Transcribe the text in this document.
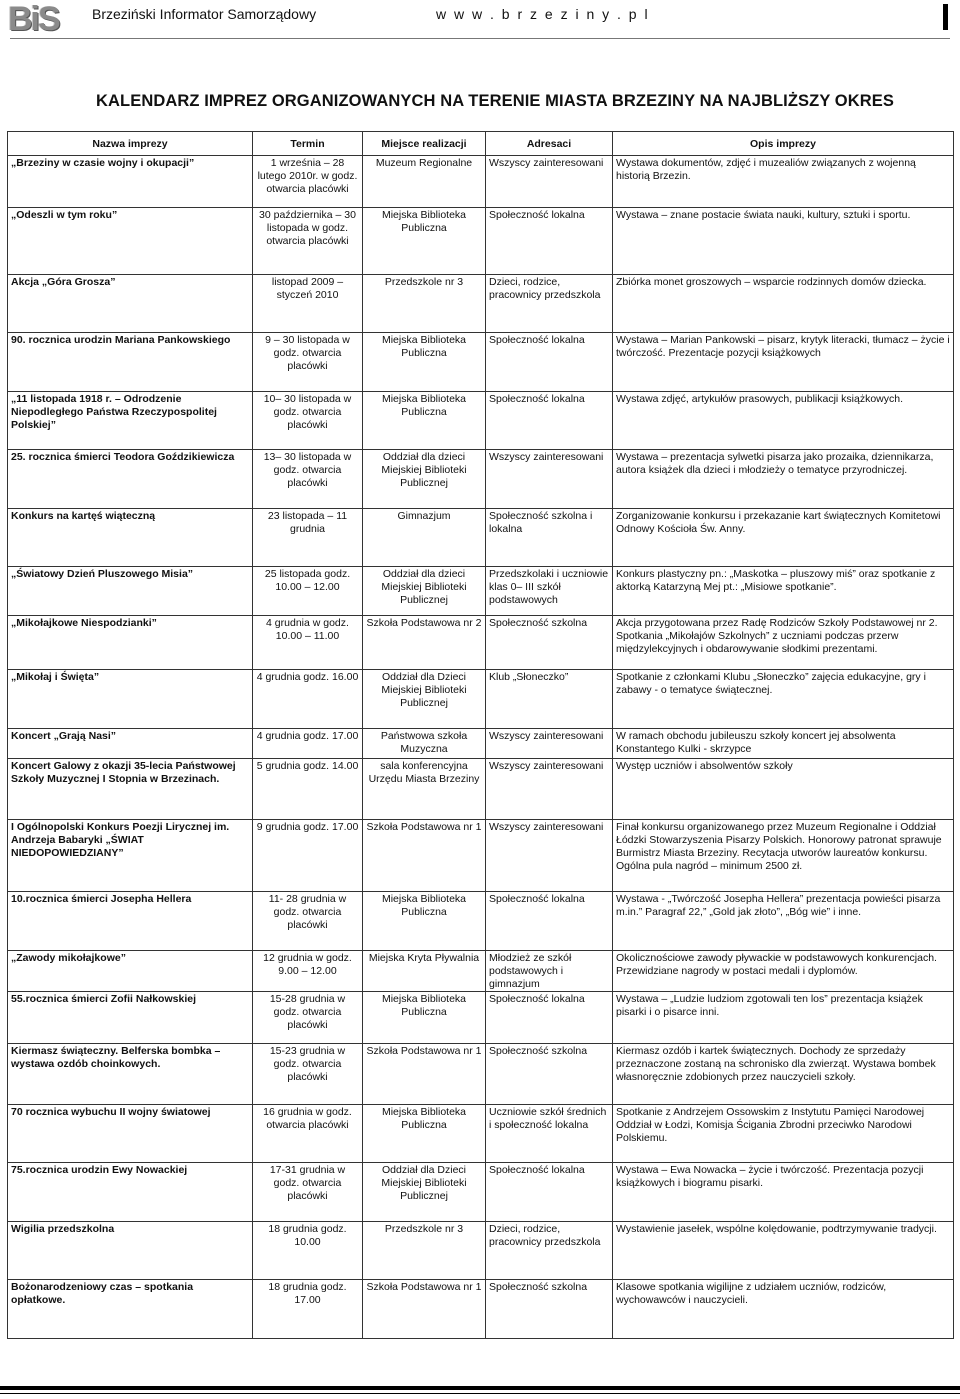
BiS	Brzeziński Informator Samorządowy	w w w . b r z e z i n y . p l
KALENDARZ IMPREZ ORGANIZOWANYCH NA TERENIE MIASTA BRZEZINY NA NAJBLIŻSZY OKRES
Nazwa imprezy	Termin	Miejsce realizacji	Adresaci	Opis imprezy
„Brzeziny w czasie wojny i okupacji”	1 września – 28 lutego 2010r. w godz. otwarcia placówki	Muzeum Regionalne	Wszyscy zainteresowani	Wystawa dokumentów, zdjęć i muzealiów związanych z wojenną historią Brzezin.
„Odeszli w tym roku”	30 października – 30 listopada w godz. otwarcia placówki	Miejska Biblioteka Publiczna	Społeczność lokalna	Wystawa – znane postacie świata nauki, kultury, sztuki i sportu.
Akcja „Góra Grosza”	listopad 2009 – styczeń 2010	Przedszkole nr 3	Dzieci, rodzice, pracownicy przedszkola	Zbiórka monet groszowych – wsparcie rodzinnych domów dziecka.
90. rocznica urodzin Mariana Pankowskiego	9 – 30 listopada w godz. otwarcia placówki	Miejska Biblioteka Publiczna	Społeczność lokalna	Wystawa – Marian Pankowski – pisarz, krytyk literacki, tłumacz – życie i twórczość. Prezentacje pozycji książkowych
„11 listopada 1918 r. – Odrodzenie Niepodległego Państwa Rzeczypospolitej Polskiej”	10– 30 listopada w godz. otwarcia placówki	Miejska Biblioteka Publiczna	Społeczność lokalna	Wystawa zdjęć, artykułów prasowych, publikacji książkowych.
25. rocznica śmierci Teodora Goździkiewicza	13– 30 listopada w godz. otwarcia placówki	Oddział dla dzieci Miejskiej Biblioteki Publicznej	Wszyscy zainteresowani	Wystawa – prezentacja sylwetki pisarza jako prozaika, dziennikarza, autora książek dla dzieci i młodzieży o tematyce przyrodniczej.
Konkurs na kartęś wiąteczną	23 listopada – 11 grudnia	Gimnazjum	Społeczność szkolna i lokalna	Zorganizowanie konkursu i przekazanie kart świątecznych Komitetowi Odnowy Kościoła Św. Anny.
„Światowy Dzień Pluszowego Misia”	25 listopada godz. 10.00 – 12.00	Oddział dla dzieci Miejskiej Biblioteki Publicznej	Przedszkolaki i uczniowie klas 0– III szkół podstawowych	Konkurs plastyczny pn.: „Maskotka – pluszowy miś” oraz spotkanie z aktorką Katarzyną Mej pt.: „Misiowe spotkanie”.
„Mikołajkowe Niespodzianki”	4 grudnia w godz. 10.00 – 11.00	Szkoła Podstawowa nr 2	Społeczność szkolna	Akcja przygotowana przez Radę Rodziców Szkoły Podstawowej nr 2. Spotkania „Mikołajów Szkolnych” z uczniami podczas przerw międzylekcyjnych i obdarowywanie słodkimi prezentami.
„Mikołaj i Święta”	4 grudnia godz. 16.00	Oddział dla Dzieci Miejskiej Biblioteki Publicznej	Klub „Słoneczko”	Spotkanie z członkami Klubu „Słoneczko” zajęcia edukacyjne, gry i zabawy - o tematyce świątecznej.
Koncert „Grają Nasi”	4 grudnia godz. 17.00	Państwowa szkoła Muzyczna	Wszyscy zainteresowani	W ramach obchodu jubileuszu szkoły koncert jej absolwenta Konstantego Kulki - skrzypce
Koncert Galowy z okazji 35-lecia Państwowej Szkoły Muzycznej I Stopnia w Brzezinach.	5 grudnia godz. 14.00	sala konferencyjna Urzędu Miasta Brzeziny	Wszyscy zainteresowani	Występ uczniów i absolwentów szkoły
I Ogólnopolski Konkurs Poezji Lirycznej im. Andrzeja Babaryki „ŚWIAT NIEDOPOWIEDZIANY”	9 grudnia godz. 17.00	Szkoła Podstawowa nr 1	Wszyscy zainteresowani	Finał konkursu organizowanego przez Muzeum Regionalne i Oddział Łódzki Stowarzyszenia Pisarzy Polskich. Honorowy patronat sprawuje Burmistrz Miasta Brzeziny. Recytacja utworów laureatów konkursu. Ogólna pula nagród – minimum 2500 zł.
10.rocznica śmierci Josepha Hellera	11- 28 grudnia w godz. otwarcia placówki	Miejska Biblioteka Publiczna	Społeczność lokalna	Wystawa - „Twórczość Josepha Hellera” prezentacja powieści pisarza m.in.” Paragraf 22,” „Gold jak złoto”, „Bóg wie” i inne.
„Zawody mikołajkowe”	12 grudnia w godz. 9.00 – 12.00	Miejska Kryta Pływalnia	Młodzież ze szkół podstawowych i gimnazjum	Okolicznościowe zawody pływackie w podstawowych konkurencjach. Przewidziane nagrody w postaci medali i dyplomów.
55.rocznica śmierci Zofii Nałkowskiej	15-28 grudnia w godz. otwarcia placówki	Miejska Biblioteka Publiczna	Społeczność lokalna	Wystawa – „Ludzie ludziom zgotowali ten los” prezentacja książek pisarki i o pisarce inni.
Kiermasz świąteczny. Belferska bombka – wystawa ozdób choinkowych.	15-23 grudnia w godz. otwarcia placówki	Szkoła Podstawowa nr 1	Społeczność szkolna	Kiermasz ozdób i kartek świątecznych. Dochody ze sprzedaży przeznaczone zostaną na schronisko dla zwierząt. Wystawa bombek własnoręcznie zdobionych przez nauczycieli szkoły.
70 rocznica wybuchu II wojny światowej	16 grudnia w godz. otwarcia placówki	Miejska Biblioteka Publiczna	Uczniowie szkół średnich i społeczność lokalna	Spotkanie z Andrzejem Ossowskim z Instytutu Pamięci Narodowej Oddział w Łodzi, Komisja Ścigania Zbrodni przeciwko Narodowi Polskiemu.
75.rocznica urodzin Ewy Nowackiej	17-31 grudnia w godz. otwarcia placówki	Oddział dla Dzieci Miejskiej Biblioteki Publicznej	Społeczność lokalna	Wystawa – Ewa Nowacka – życie i twórczość. Prezentacja pozycji książkowych i biogramu pisarki.
Wigilia przedszkolna	18 grudnia godz. 10.00	Przedszkole nr 3	Dzieci, rodzice, pracownicy przedszkola	Wystawienie jasełek, wspólne kolędowanie, podtrzymywanie tradycji.
Bożonarodzeniowy czas – spotkania opłatkowe.	18 grudnia godz. 17.00	Szkoła Podstawowa nr 1	Społeczność szkolna	Klasowe spotkania wigilijne z udziałem uczniów, rodziców, wychowawców i nauczycieli.
